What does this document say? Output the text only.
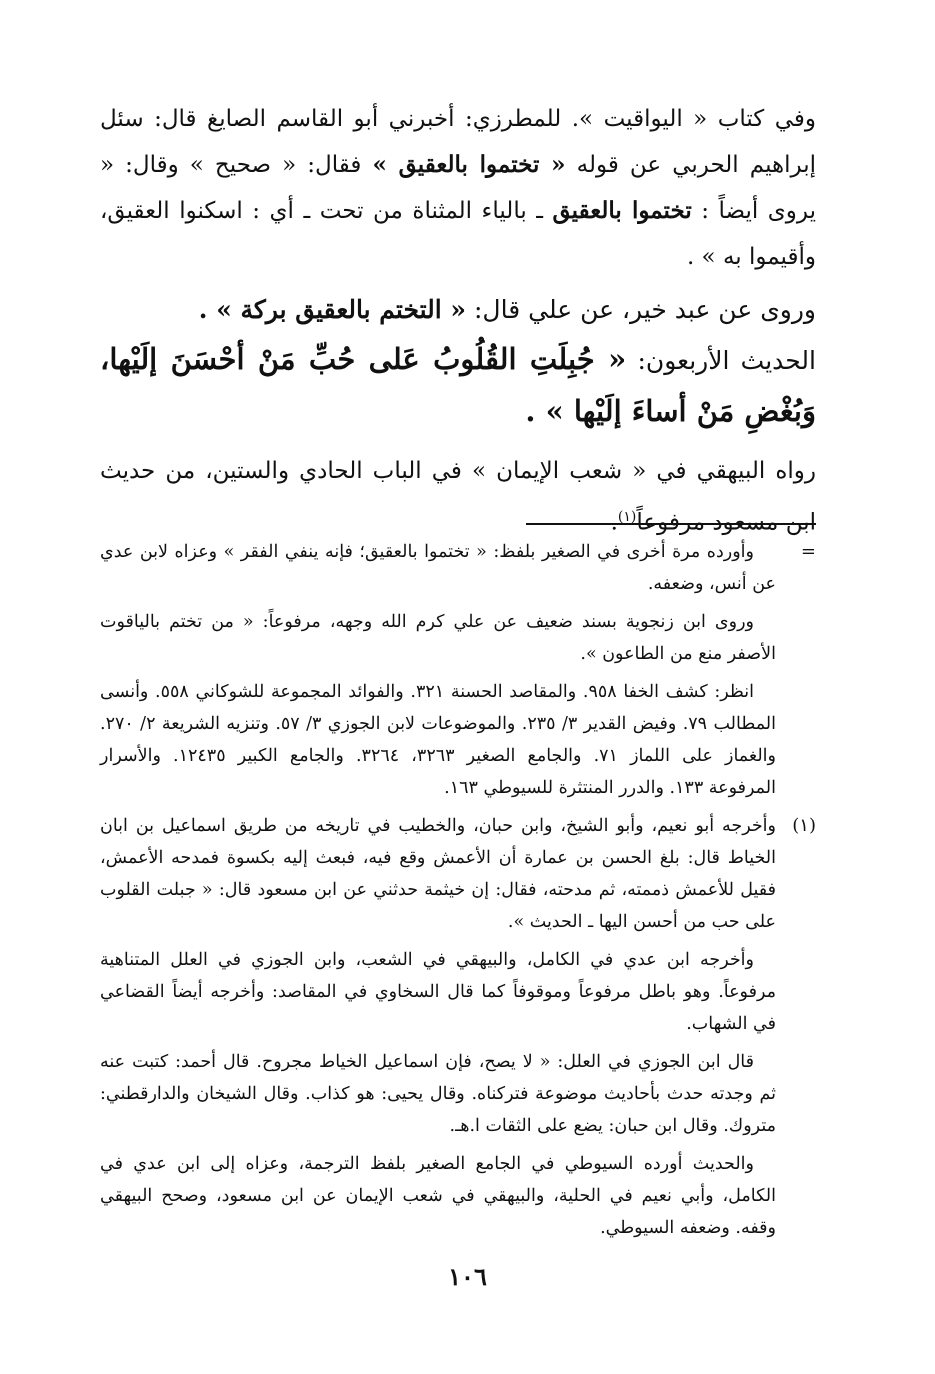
وفي كتاب « اليواقيت ». للمطرزي: أخبرني أبو القاسم الصايغ قال: سئل إبراهيم الحربي عن قوله « تختموا بالعقيق » فقال: « صحيح » وقال: « يروى أيضاً : تختموا بالعقيق ـ بالياء المثناة من تحت ـ أي : اسكنوا العقيق، وأقيموا به » .

وروى عن عبد خير، عن علي قال: « التختم بالعقيق بركة » .

الحديث الأربعون: « جُبِلَتِ القُلُوبُ عَلى حُبِّ مَنْ أحْسَنَ إلَيْها، وَبُغْضِ مَنْ أساءَ إلَيْها » .

رواه البيهقي في « شعب الإيمان » في الباب الحادي والستين، من حديث ابن مسعود مرفوعاً$^{(١)}$.

=

وأورده مرة أخرى في الصغير بلفظ: « تختموا بالعقيق؛ فإنه ينفي الفقر » وعزاه لابن عدي عن أنس، وضعفه.

وروى ابن زنجوية بسند ضعيف عن علي كرم الله وجهه، مرفوعاً: « من تختم بالياقوت الأصفر منع من الطاعون ».

انظر: كشف الخفا ٩٥٨. والمقاصد الحسنة ٣٢١. والفوائد المجموعة للشوكاني ٥٥٨. وأنسى المطالب ٧٩. وفيض القدير ٣/ ٢٣٥. والموضوعات لابن الجوزي ٣/ ٥٧. وتنزيه الشريعة ٢/ ٢٧٠. والغماز على اللماز ٧١. والجامع الصغير ٣٢٦٣، ٣٢٦٤. والجامع الكبير ١٢٤٣٥. والأسرار المرفوعة ١٣٣. والدرر المنتثرة للسيوطي ١٦٣.

(١)

وأخرجه أبو نعيم، وأبو الشيخ، وابن حبان، والخطيب في تاريخه من طريق اسماعيل بن ابان الخياط قال: بلغ الحسن بن عمارة أن الأعمش وقع فيه، فبعث إليه بكسوة فمدحه الأعمش، فقيل للأعمش ذممته، ثم مدحته، فقال: إن خيثمة حدثني عن ابن مسعود قال: « جبلت القلوب على حب من أحسن اليها ـ الحديث ».

وأخرجه ابن عدي في الكامل، والبيهقي في الشعب، وابن الجوزي في العلل المتناهية مرفوعاً. وهو باطل مرفوعاً وموقوفاً كما قال السخاوي في المقاصد: وأخرجه أيضاً القضاعي في الشهاب.

قال ابن الجوزي في العلل: « لا يصح، فإن اسماعيل الخياط مجروح. قال أحمد: كتبت عنه ثم وجدته حدث بأحاديث موضوعة فتركناه. وقال يحيى: هو كذاب. وقال الشيخان والدارقطني: متروك. وقال ابن حبان: يضع على الثقات ا.هـ.

والحديث أورده السيوطي في الجامع الصغير بلفظ الترجمة، وعزاه إلى ابن عدي في الكامل، وأبي نعيم في الحلية، والبيهقي في شعب الإيمان عن ابن مسعود، وصحح البيهقي وقفه. وضعفه السيوطي.

١٠٦
